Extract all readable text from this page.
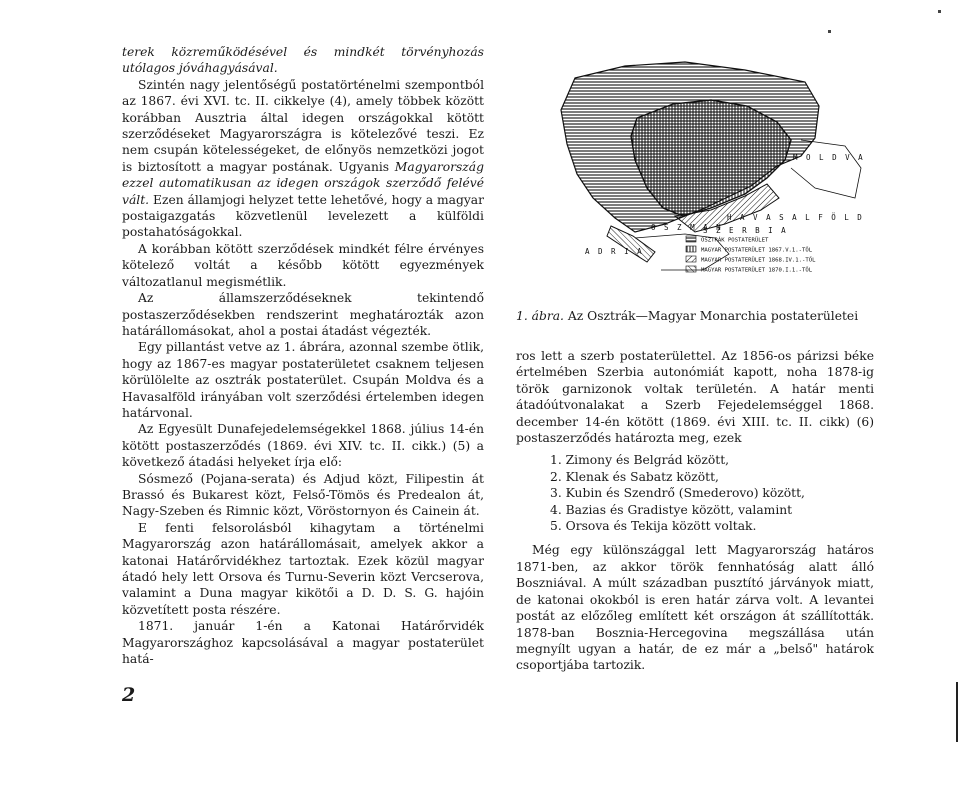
terek közreműködésével és mindkét törvényhozás utólagos jóváhagyásával.

Szintén nagy jelentőségű postatörténelmi szempontból az 1867. évi XVI. tc. II. cikkelye (4), amely többek között korábban Ausztria által idegen országokkal kötött szerződéseket Magyarországra is kötelezővé teszi. Ez nem csupán kötelességeket, de előnyös nemzetközi jogot is biztosított a magyar postának. Ugyanis Magyarország ezzel automatikusan az idegen országok szerződő felévé vált. Ezen államjogi helyzet tette lehetővé, hogy a magyar postaigazgatás közvetlenül levelezett a külföldi postahatóságokkal.

A korábban kötött szerződések mindkét félre érvényes kötelező voltát a később kötött egyezmények változatlanul megismétlik.

Az államszerződéseknek tekintendő postaszerződésekben rendszerint meghatározták azon határállomásokat, ahol a postai átadást végezték.

Egy pillantást vetve az 1. ábrára, azonnal szembe ötlik, hogy az 1867-es magyar postaterületet csaknem teljesen körülölelte az osztrák postaterület. Csupán Moldva és a Havasalföld irányában volt szerződési értelemben idegen határvonal.

Az Egyesült Dunafejedelemségekkel 1868. július 14-én kötött postaszerződés (1869. évi XIV. tc. II. cikk.) (5) a következő átadási helyeket írja elő:

Sósmező (Pojana-serata) és Adjud közt, Filipestin át Brassó és Bukarest közt, Felső-Tömös és Predealon át, Nagy-Szeben és Rimnic közt, Vöröstornyon és Cainein át.

E fenti felsorolásból kihagytam a történelmi Magyarország azon határállomásait, amelyek akkor a katonai Határőrvidékhez tartoztak. Ezek közül magyar átadó hely lett Orsova és Turnu-Severin közt Vercserova, valamint a Duna magyar kikötői a D. D. S. G. hajóin közvetített posta részére.

1871. január 1-én a Katonai Határőrvidék Magyarországhoz kapcsolásával a magyar postaterület hatá-

2
M O L D V A
H A V A S A L F Ö L D
A D R I A
O S Z M A N
S Z E R B I A
OSZTRÁK POSTATERÜLET
MAGYAR POSTATERÜLET 1867.V.1.-TŐL
MAGYAR POSTATERÜLET 1868.IV.1.-TŐL
MAGYAR POSTATERÜLET 1870.I.1.-TŐL
1. ábra. Az Osztrák—Magyar Monarchia postaterületei

ros lett a szerb postaterülettel. Az 1856-os párizsi béke értelmében Szerbia autonómiát kapott, noha 1878-ig török garnizonok voltak területén. A határ menti átadóútvonalakat a Szerb Fejedelemséggel 1868. december 14-én kötött (1869. évi XIII. tc. II. cikk) (6) postaszerződés határozta meg, ezek

1. Zimony és Belgrád között,
2. Klenak és Sabatz között,
3. Kubin és Szendrő (Smederovo) között,
4. Bazias és Gradistye között, valamint
5. Orsova és Tekija között voltak.

Még egy különszággal lett Magyarország határos 1871-ben, az akkor török fennhatóság alatt álló Boszniával. A múlt században pusztító járványok miatt, de katonai okokból is eren határ zárva volt. A levantei postát az előzőleg említett két országon át szállították. 1878-ban Bosznia-Hercegovina megszállása után megnyílt ugyan a határ, de ez már a „belső" határok csoportjába tartozik.
